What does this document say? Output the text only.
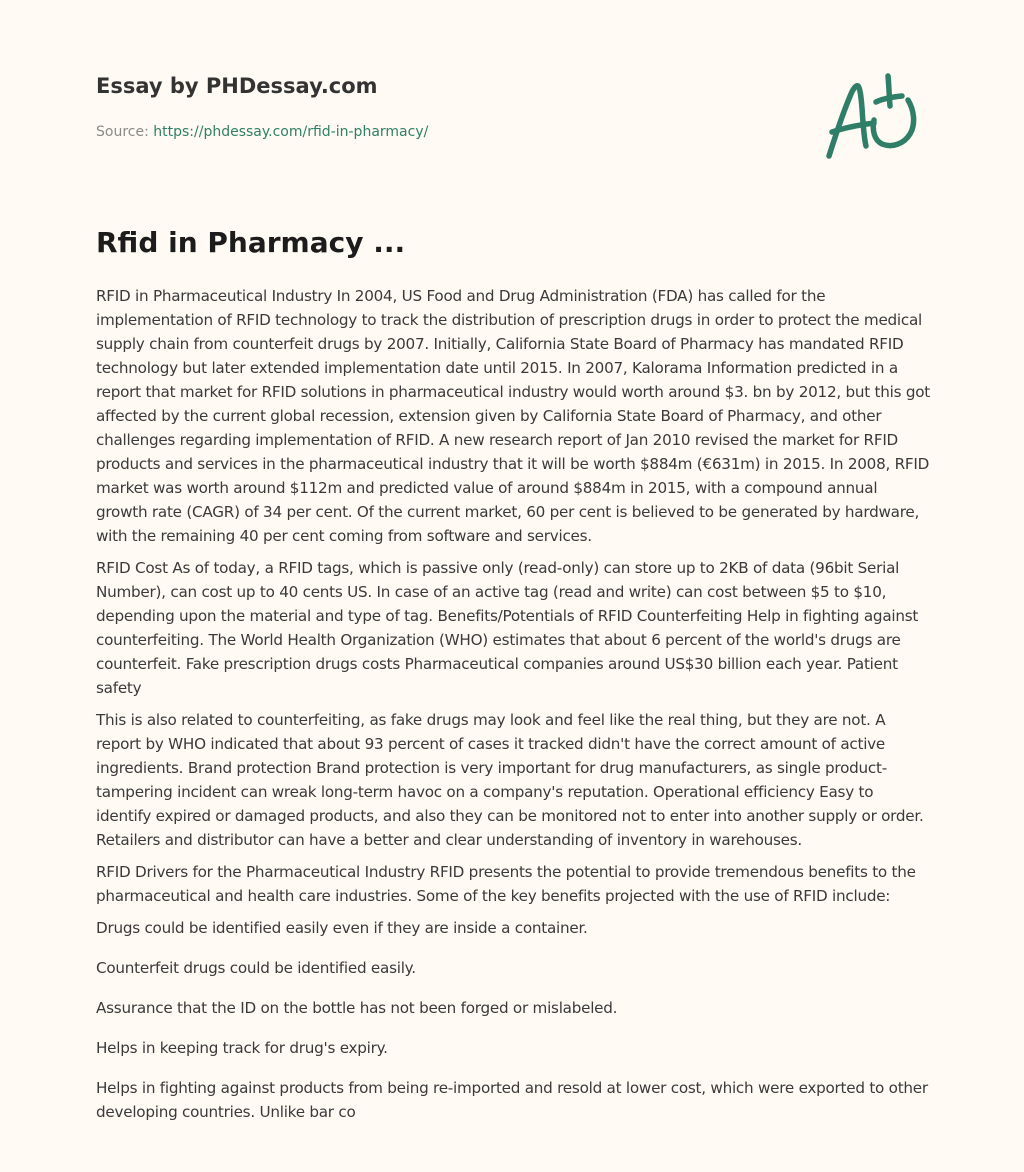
Essay by PHDessay.com
Source: https://phdessay.com/rfid-in-pharmacy/
Rfid in Pharmacy ...

RFID in Pharmaceutical Industry In 2004, US Food and Drug Administration (FDA) has called for the implementation of RFID technology to track the distribution of prescription drugs in order to protect the medical supply chain from counterfeit drugs by 2007. Initially, California State Board of Pharmacy has mandated RFID technology but later extended implementation date until 2015. In 2007, Kalorama Information predicted in a report that market for RFID solutions in pharmaceutical industry would worth around $3. bn by 2012, but this got affected by the current global recession, extension given by California State Board of Pharmacy, and other challenges regarding implementation of RFID. A new research report of Jan 2010 revised the market for RFID products and services in the pharmaceutical industry that it will be worth $884m (€631m) in 2015. In 2008, RFID market was worth around $112m and predicted value of around $884m in 2015, with a compound annual growth rate (CAGR) of 34 per cent. Of the current market, 60 per cent is believed to be generated by hardware, with the remaining 40 per cent coming from software and services.

RFID Cost As of today, a RFID tags, which is passive only (read-only) can store up to 2KB of data (96bit Serial Number), can cost up to 40 cents US. In case of an active tag (read and write) can cost between $5 to $10, depending upon the material and type of tag. Benefits/Potentials of RFID Counterfeiting Help in fighting against counterfeiting. The World Health Organization (WHO) estimates that about 6 percent of the world's drugs are counterfeit. Fake prescription drugs costs Pharmaceutical companies around US$30 billion each year. Patient safety

This is also related to counterfeiting, as fake drugs may look and feel like the real thing, but they are not. A report by WHO indicated that about 93 percent of cases it tracked didn't have the correct amount of active ingredients. Brand protection Brand protection is very important for drug manufacturers, as single product-tampering incident can wreak long-term havoc on a company's reputation. Operational efficiency Easy to identify expired or damaged products, and also they can be monitored not to enter into another supply or order. Retailers and distributor can have a better and clear understanding of inventory in warehouses.

RFID Drivers for the Pharmaceutical Industry RFID presents the potential to provide tremendous benefits to the pharmaceutical and health care industries. Some of the key benefits projected with the use of RFID include:

Drugs could be identified easily even if they are inside a container.

Counterfeit drugs could be identified easily.

Assurance that the ID on the bottle has not been forged or mislabeled.

Helps in keeping track for drug's expiry.

Helps in fighting against products from being re-imported and resold at lower cost, which were exported to other developing countries. Unlike bar co
